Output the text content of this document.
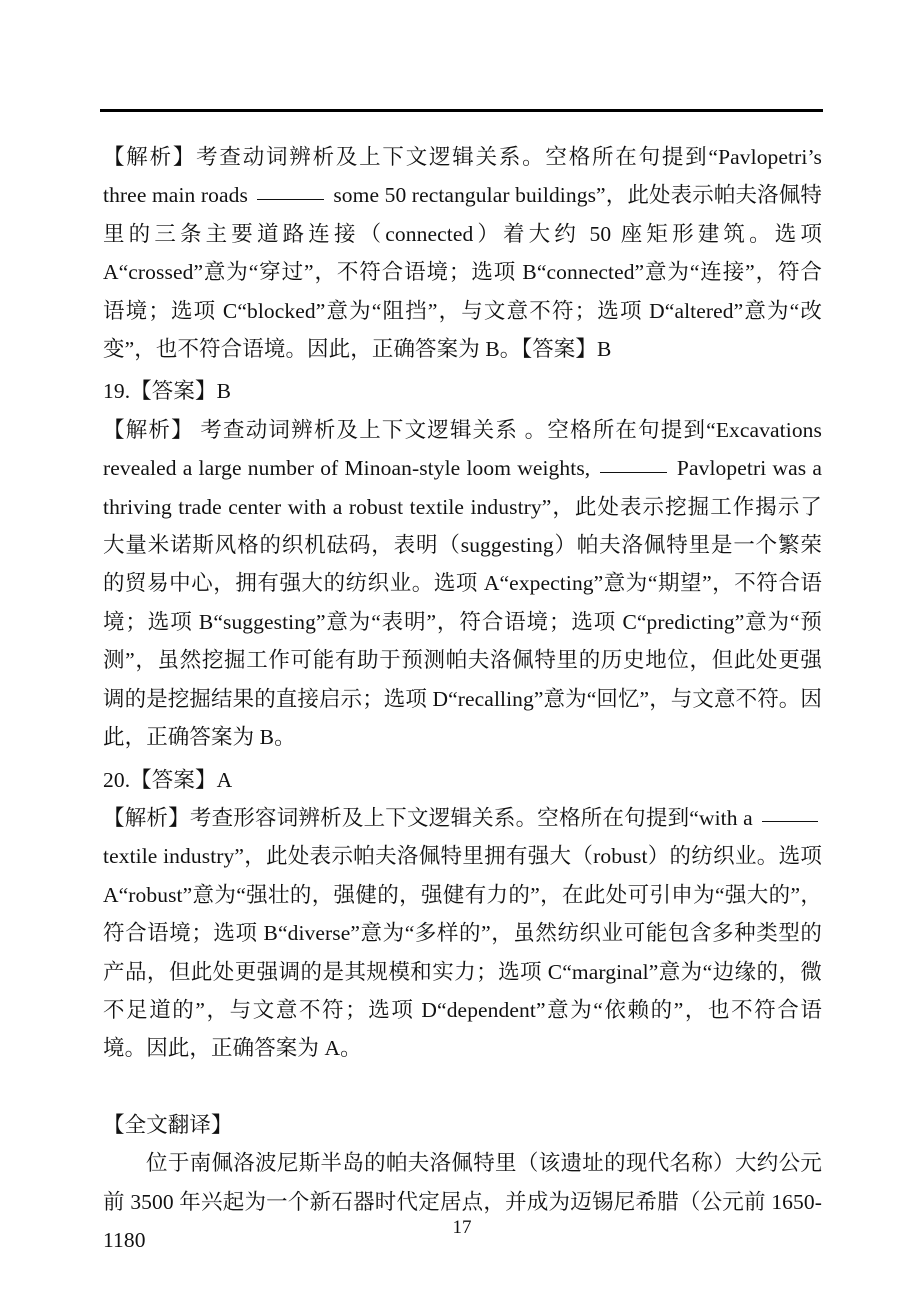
【解析】考查动词辨析及上下文逻辑关系。空格所在句提到“Pavlopetri’s three main roads	some 50 rectangular buildings”，此处表示帕夫洛佩特里的三条主要道路连接（connected）着大约 50 座矩形建筑。选项 A“crossed”意为“穿过”，不符合语境；选项 B“connected”意为“连接”，符合语境；选项 C“blocked”意为“阻挡”，与文意不符；选项 D“altered”意为“改变”，也不符合语境。因此，正确答案为 B。【答案】B

19.【答案】B

【解析】 考查动词辨析及上下文逻辑关系 。空格所在句提到“Excavations revealed a large number of Minoan-style loom weights,	Pavlopetri was a thriving trade center with a robust textile industry”，此处表示挖掘工作揭示了大量米诺斯风格的织机砝码，表明（suggesting）帕夫洛佩特里是一个繁荣的贸易中心，拥有强大的纺织业。选项 A“expecting”意为“期望”，不符合语境；选项 B“suggesting”意为“表明”，符合语境；选项 C“predicting”意为“预测”，虽然挖掘工作可能有助于预测帕夫洛佩特里的历史地位，但此处更强调的是挖掘结果的直接启示；选项 D“recalling”意为“回忆”，与文意不符。因此，正确答案为 B。

20.【答案】A

【解析】考查形容词辨析及上下文逻辑关系。空格所在句提到“with a  textile industry”，此处表示帕夫洛佩特里拥有强大（robust）的纺织业。选项 A“robust”意为“强壮的，强健的，强健有力的”，在此处可引申为“强大的”，符合语境；选项 B“diverse”意为“多样的”，虽然纺织业可能包含多种类型的产品，但此处更强调的是其规模和实力；选项 C“marginal”意为“边缘的，微不足道的”，与文意不符；选项 D“dependent”意为“依赖的”，也不符合语境。因此，正确答案为 A。

【全文翻译】

位于南佩洛波尼斯半岛的帕夫洛佩特里（该遗址的现代名称）大约公元前 3500 年兴起为一个新石器时代定居点，并成为迈锡尼希腊（公元前 1650-1180

17
